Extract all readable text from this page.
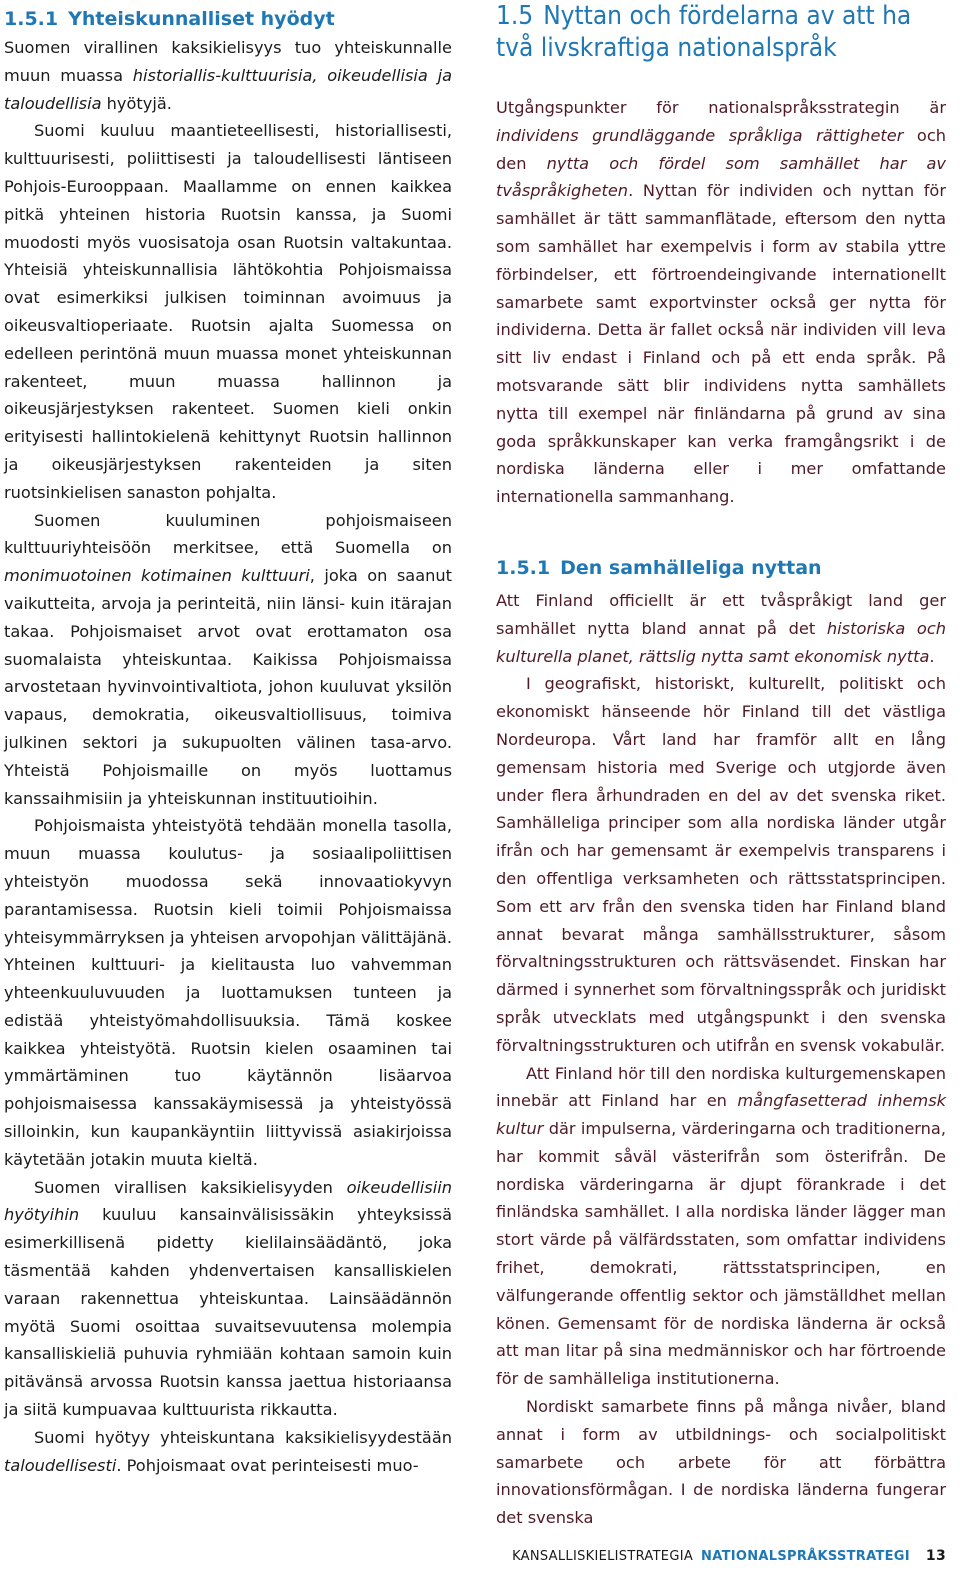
1.5.1 Yhteiskunnalliset hyödyt

Suomen virallinen kaksikielisyys tuo yhteiskunnalle muun muassa historiallis-kulttuurisia, oikeudellisia ja taloudellisia hyötyjä.

Suomi kuuluu maantieteellisesti, historiallisesti, kulttuurisesti, poliittisesti ja taloudellisesti läntiseen Pohjois-Eurooppaan. Maallamme on ennen kaikkea pitkä yhteinen historia Ruotsin kanssa, ja Suomi muodosti myös vuosisatoja osan Ruotsin valtakuntaa. Yhteisiä yhteiskunnallisia lähtökohtia Pohjoismaissa ovat esimerkiksi julkisen toiminnan avoimuus ja oikeusvaltioperiaate. Ruotsin ajalta Suomessa on edelleen perintönä muun muassa monet yhteiskunnan rakenteet, muun muassa hallinnon ja oikeusjärjestyksen rakenteet. Suomen kieli onkin erityisesti hallintokielenä kehittynyt Ruotsin hallinnon ja oikeusjärjestyksen rakenteiden ja siten ruotsinkielisen sanaston pohjalta.

Suomen kuuluminen pohjoismaiseen kulttuuriyhteisöön merkitsee, että Suomella on monimuotoinen kotimainen kulttuuri, joka on saanut vaikutteita, arvoja ja perinteitä, niin länsi- kuin itärajan takaa. Pohjoismaiset arvot ovat erottamaton osa suomalaista yhteiskuntaa. Kaikissa Pohjoismaissa arvostetaan hyvinvointivaltiota, johon kuuluvat yksilön vapaus, demokratia, oikeusvaltiollisuus, toimiva julkinen sektori ja sukupuolten välinen tasa-arvo. Yhteistä Pohjoismaille on myös luottamus kanssaihmisiin ja yhteiskunnan instituutioihin.

Pohjoismaista yhteistyötä tehdään monella tasolla, muun muassa koulutus- ja sosiaalipoliittisen yhteistyön muodossa sekä innovaatiokyvyn parantamisessa. Ruotsin kieli toimii Pohjoismaissa yhteisymmärryksen ja yhteisen arvopohjan välittäjänä. Yhteinen kulttuuri- ja kielitausta luo vahvemman yhteenkuuluvuuden ja luottamuksen tunteen ja edistää yhteistyömahdollisuuksia. Tämä koskee kaikkea yhteistyötä. Ruotsin kielen osaaminen tai ymmärtäminen tuo käytännön lisäarvoa pohjoismaisessa kanssakäymisessä ja yhteistyössä silloinkin, kun kaupankäyntiin liittyvissä asiakirjoissa käytetään jotakin muuta kieltä.

Suomen virallisen kaksikielisyyden oikeudellisiin hyötyihin kuuluu kansainvälisissäkin yhteyksissä esimerkillisenä pidetty kielilainsäädäntö, joka täsmentää kahden yhdenvertaisen kansalliskielen varaan rakennettua yhteiskuntaa. Lainsäädännön myötä Suomi osoittaa suvaitsevuutensa molempia kansalliskieliä puhuvia ryhmiään kohtaan samoin kuin pitävänsä arvossa Ruotsin kanssa jaettua historiaansa ja siitä kumpuavaa kulttuurista rikkautta.

Suomi hyötyy yhteiskuntana kaksikielisyydestään taloudellisesti. Pohjoismaat ovat perinteisesti muo-

1.5 Nyttan och fördelarna av att ha
två livskraftiga nationalspråk

Utgångspunkter för nationalspråksstrategin är individens grundläggande språkliga rättigheter och den nytta och fördel som samhället har av tvåspråkigheten. Nyttan för individen och nyttan för samhället är tätt sammanflätade, eftersom den nytta som samhället har exempelvis i form av stabila yttre förbindelser, ett förtroendeingivande internationellt samarbete samt exportvinster också ger nytta för individerna. Detta är fallet också när individen vill leva sitt liv endast i Finland och på ett enda språk. På motsvarande sätt blir individens nytta samhällets nytta till exempel när finländarna på grund av sina goda språkkunskaper kan verka framgångsrikt i de nordiska länderna eller i mer omfattande internationella sammanhang.

1.5.1 Den samhälleliga nyttan

Att Finland officiellt är ett tvåspråkigt land ger samhället nytta bland annat på det historiska och kulturella planet, rättslig nytta samt ekonomisk nytta.

I geografiskt, historiskt, kulturellt, politiskt och ekonomiskt hänseende hör Finland till det västliga Nordeuropa. Vårt land har framför allt en lång gemensam historia med Sverige och utgjorde även under flera århundraden en del av det svenska riket. Samhälleliga principer som alla nordiska länder utgår ifrån och har gemensamt är exempelvis transparens i den offentliga verksamheten och rättsstatsprincipen. Som ett arv från den svenska tiden har Finland bland annat bevarat många samhällsstrukturer, såsom förvaltningsstrukturen och rättsväsendet. Finskan har därmed i synnerhet som förvaltningsspråk och juridiskt språk utvecklats med utgångspunkt i den svenska förvaltningsstrukturen och utifrån en svensk vokabulär.

Att Finland hör till den nordiska kulturgemenskapen innebär att Finland har en mångfasetterad inhemsk kultur där impulserna, värderingarna och traditionerna, har kommit såväl västerifrån som österifrån. De nordiska värderingarna är djupt förankrade i det finländska samhället. I alla nordiska länder lägger man stort värde på välfärdsstaten, som omfattar individens frihet, demokrati, rättsstatsprincipen, en välfungerande offentlig sektor och jämställdhet mellan könen. Gemensamt för de nordiska länderna är också att man litar på sina medmänniskor och har förtroende för de samhälleliga institutionerna.

Nordiskt samarbete finns på många nivåer, bland annat i form av utbildnings- och socialpolitiskt samarbete och arbete för att förbättra innovationsförmågan. I de nordiska länderna fungerar det svenska

KANSALLISKIELISTRATEGIA NATIONALSPRÅKSSTRATEGI 13
